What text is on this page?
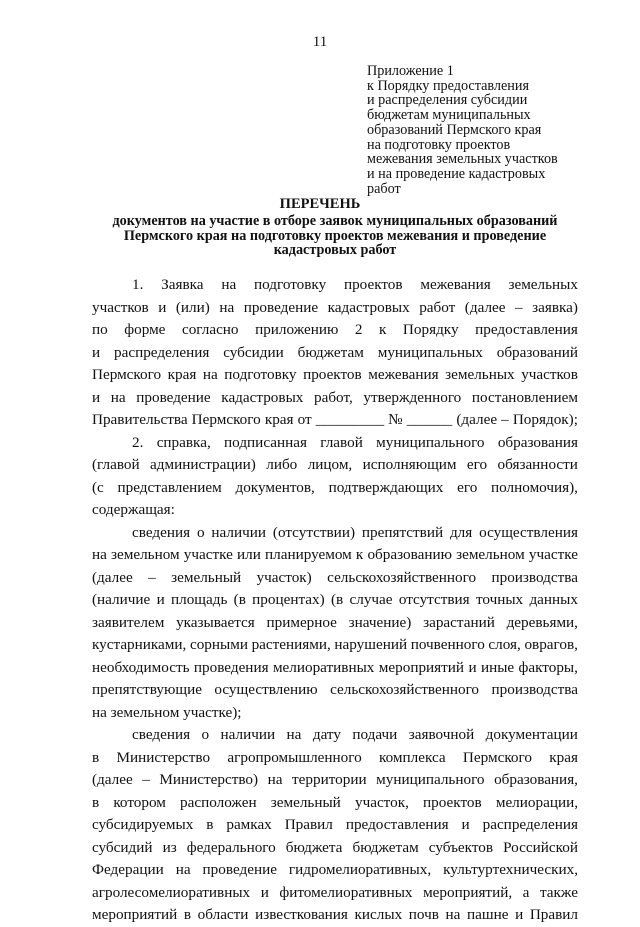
11
Приложение 1
к Порядку предоставления
и распределения субсидии
бюджетам муниципальных
образований Пермского края
на подготовку проектов
межевания земельных участков
и на проведение кадастровых
работ
ПЕРЕЧЕНЬ
документов на участие в отборе заявок муниципальных образований
Пермского края на подготовку проектов межевания и проведение
кадастровых работ
1. Заявка на подготовку проектов межевания земельных
участков и (или) на проведение кадастровых работ (далее – заявка)
по форме согласно приложению 2 к Порядку предоставления
и распределения субсидии бюджетам муниципальных образований
Пермского края на подготовку проектов межевания земельных участков
и на проведение кадастровых работ, утвержденного постановлением
Правительства Пермского края от _________ № ______ (далее – Порядок);
2. справка, подписанная главой муниципального образования
(главой администрации) либо лицом, исполняющим его обязанности
(с представлением документов, подтверждающих его полномочия),
содержащая:
сведения о наличии (отсутствии) препятствий для осуществления
на земельном участке или планируемом к образованию земельном участке
(далее – земельный участок) сельскохозяйственного производства
(наличие и площадь (в процентах) (в случае отсутствия точных данных
заявителем указывается примерное значение) зарастаний деревьями,
кустарниками, сорными растениями, нарушений почвенного слоя, оврагов,
необходимость проведения мелиоративных мероприятий и иные факторы,
препятствующие осуществлению сельскохозяйственного производства
на земельном участке);
сведения о наличии на дату подачи заявочной документации
в Министерство агропромышленного комплекса Пермского края
(далее – Министерство) на территории муниципального образования,
в котором расположен земельный участок, проектов мелиорации,
субсидируемых в рамках Правил предоставления и распределения
субсидий из федерального бюджета бюджетам субъектов Российской
Федерации на проведение гидромелиоративных, культуртехнических,
агролесомелиоративных и фитомелиоративных мероприятий, а также
мероприятий в области известкования кислых почв на пашне и Правил
